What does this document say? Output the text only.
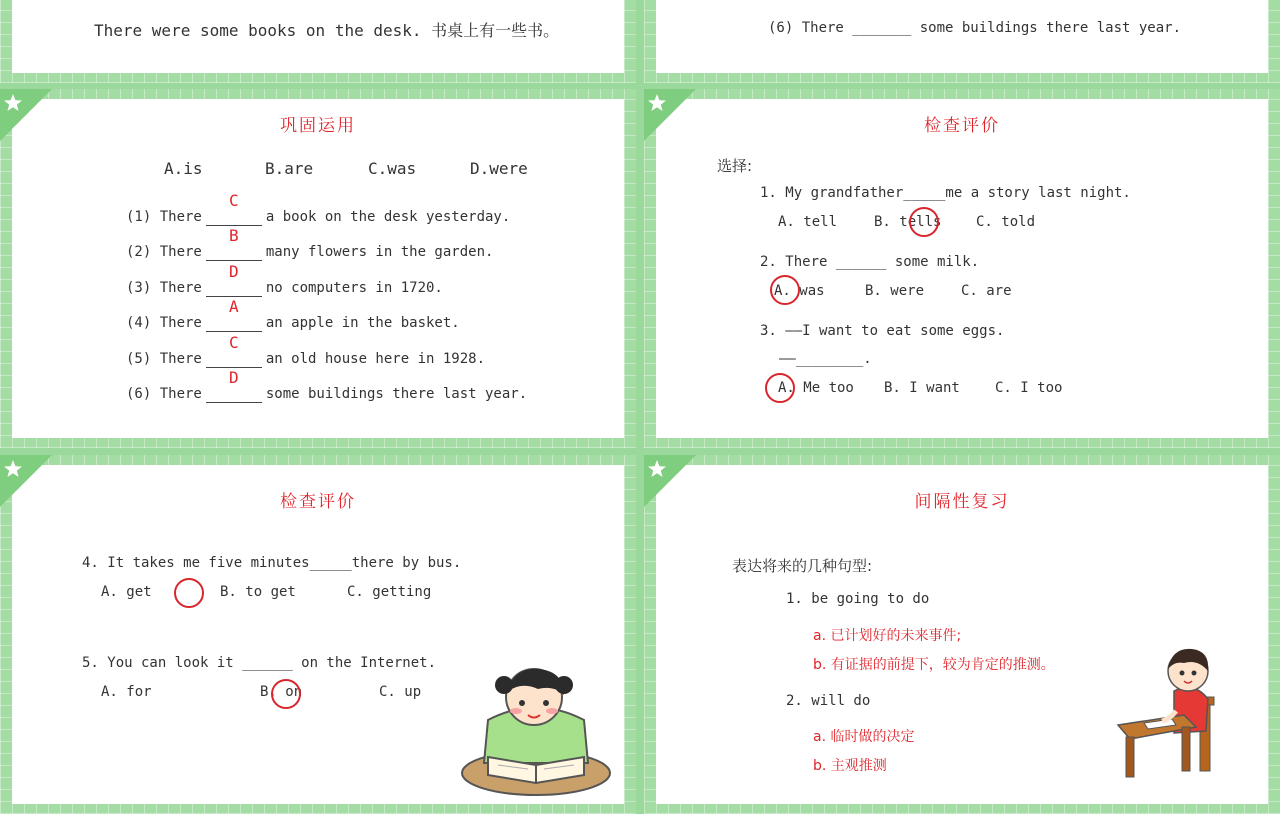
There were some books on the desk. 书桌上有一些书。	(6) There _______ some buildings there last year.
巩固运用
A.is	B.are	C.was	D.were
(1) There
C
a book on the desk yesterday.
(2) There
B
many flowers in the garden.
(3) There
D
no computers in 1720.
(4) There
A
an apple in the basket.
(5) There
C
an old house here in 1928.
(6) There
D
some buildings there last year.
检查评价
选择:
1. My grandfather_____me a story last night.
A. tell	B. tells C. told
2. There ______ some milk.
A. was	B. were	C. are
3. ——I want to eat some eggs.
——________.
A. Me too B. I want	C. I too
检查评价
4. It takes me five minutes_____there by bus.
A. get	B. to get	C. getting
5. You can look it ______ on the Internet.
A. for	B. on	C. up
间隔性复习
表达将来的几种句型:
1. be going to do
a. 已计划好的未来事件;
b. 有证据的前提下，较为肯定的推测。
2. will do
a. 临时做的决定
b. 主观推测
